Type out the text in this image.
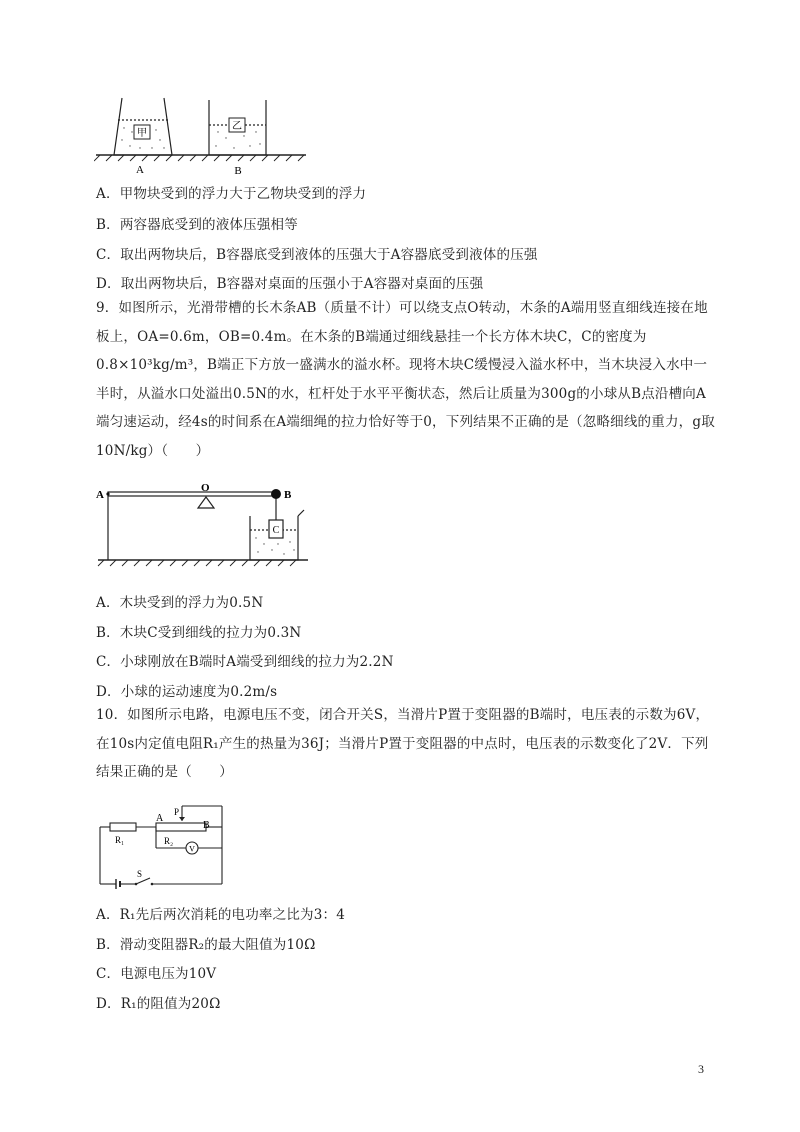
甲
乙
A	B
A．甲物块受到的浮力大于乙物块受到的浮力
B．两容器底受到的液体压强相等
C．取出两物块后，B容器底受到液体的压强大于A容器底受到液体的压强
D．取出两物块后，B容器对桌面的压强小于A容器对桌面的压强
9．如图所示，光滑带槽的长木条AB（质量不计）可以绕支点O转动，木条的A端用竖直细线连接在地板上，OA=0.6m，OB=0.4m。在木条的B端通过细线悬挂一个长方体木块C，C的密度为0.8×10³kg/m³，B端正下方放一盛满水的溢水杯。现将木块C缓慢浸入溢水杯中，当木块浸入水中一半时，从溢水口处溢出0.5N的水，杠杆处于水平平衡状态，然后让质量为300g的小球从B点沿槽向A端匀速运动，经4s的时间系在A端细绳的拉力恰好等于0，下列结果不正确的是（忽略细线的重力，g取10N/kg）（　　）
A
O
B
C
A．木块受到的浮力为0.5N
B．木块C受到细线的拉力为0.3N
C．小球刚放在B端时A端受到细线的拉力为2.2N
D．小球的运动速度为0.2m/s
10．如图所示电路，电源电压不变，闭合开关S，当滑片P置于变阻器的B端时，电压表的示数为6V，在10s内定值电阻R₁产生的热量为36J；当滑片P置于变阻器的中点时，电压表的示数变化了2V．下列结果正确的是（　　）
R₁
A
P
B
R₂
V
S
A．R₁先后两次消耗的电功率之比为3：4
B．滑动变阻器R₂的最大阻值为10Ω
C．电源电压为10V
D．R₁的阻值为20Ω
3
